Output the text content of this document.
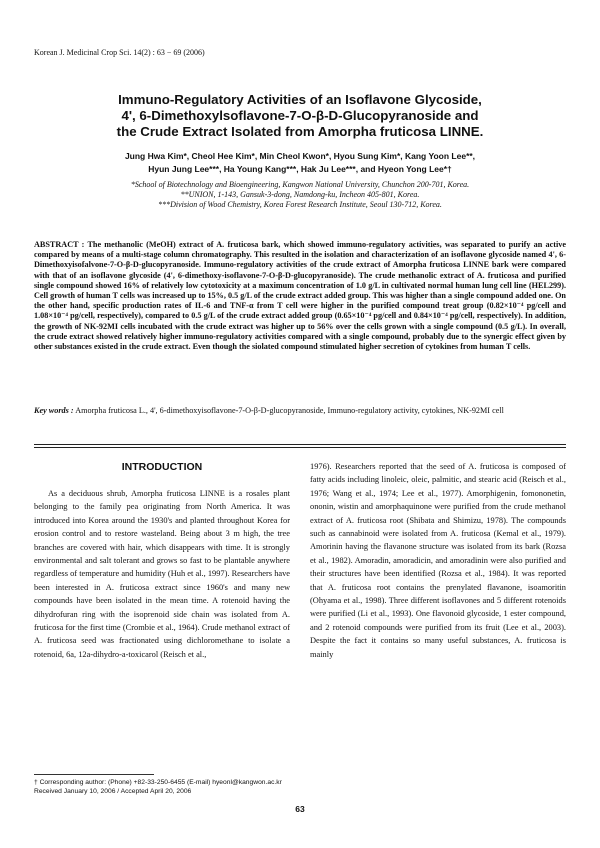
Korean J. Medicinal Crop Sci. 14(2) : 63 − 69 (2006)
Immuno-Regulatory Activities of an Isoflavone Glycoside,
4', 6-Dimethoxylsoflavone-7-O-β-D-Glucopyranoside and
the Crude Extract Isolated from Amorpha fruticosa LINNE.
Jung Hwa Kim*, Cheol Hee Kim*, Min Cheol Kwon*, Hyou Sung Kim*, Kang Yoon Lee**,
Hyun Jung Lee***, Ha Young Kang***, Hak Ju Lee***, and Hyeon Yong Lee*†
*School of Biotechnology and Bioengineering, Kangwon National University, Chunchon 200-701, Korea.
**UNION, 1-143, Gansuk-3-dong, Namdong-ku, Incheon 405-801, Korea.
***Division of Wood Chemistry, Korea Forest Research Institute, Seoul 130-712, Korea.
ABSTRACT : The methanolic (MeOH) extract of A. fruticosa bark, which showed immuno-regulatory activities, was separated to purify an active compared by means of a multi-stage column chromatography. This resulted in the isolation and characterization of an isoflavone glycoside named 4', 6-Dimethoxyisofalvone-7-O-β-D-glucopyranoside. Immuno-regulatory activities of the crude extract of Amorpha fruticosa LINNE bark were compared with that of an isoflavone glycoside (4', 6-dimethoxy-isoflavone-7-O-β-D-glucopyranoside). The crude methanolic extract of A. fruticosa and purified single compound showed 16% of relatively low cytotoxicity at a maximum concentration of 1.0 g/L in cultivated normal human lung cell line (HEL299). Cell growth of human T cells was increased up to 15%, 0.5 g/L of the crude extract added group. This was higher than a single compound added one. On the other hand, specific production rates of IL-6 and TNF-α from T cell were higher in the purified compound treat group (0.82×10⁻⁴ pg/cell and 1.08×10⁻⁴ pg/cell, respectively), compared to 0.5 g/L of the crude extract added group (0.65×10⁻⁴ pg/cell and 0.84×10⁻⁴ pg/cell, respectively). In addition, the growth of NK-92MI cells incubated with the crude extract was higher up to 56% over the cells grown with a single compound (0.5 g/L). In overall, the crude extract showed relatively higher immuno-regulatory activities compared with a single compound, probably due to the synergic effect given by other substances existed in the crude extract. Even though the siolated compound stimulated higher secretion of cytokines from human T cells.
Key words : Amorpha fruticosa L., 4', 6-dimethoxyisoflavone-7-O-β-D-glucopyranoside, Immuno-regulatory activity, cytokines, NK-92MI cell
INTRODUCTION
As a deciduous shrub, Amorpha fruticosa LINNE is a rosales plant belonging to the family pea originating from North America. It was introduced into Korea around the 1930's and planted throughout Korea for erosion control and to restore wasteland. Being about 3 m high, the tree branches are covered with hair, which disappears with time. It is strongly environmental and salt tolerant and grows so fast to be plantable anywhere regardless of temperature and humidity (Huh et al., 1997). Researchers have been interested in A. fruticosa extract since 1960's and many new compounds have been isolated in the mean time. A rotenoid having the dihydrofuran ring with the isoprenoid side chain was isolated from A. fruticosa for the first time (Crombie et al., 1964). Crude methanol extract of A. fruticosa seed was fractionated using dichloromethane to isolate a rotenoid, 6a, 12a-dihydro-a-toxicarol (Reisch et al.,
1976). Researchers reported that the seed of A. fruticosa is composed of fatty acids including linoleic, oleic, palmitic, and stearic acid (Reisch et al., 1976; Wang et al., 1974; Lee et al., 1977). Amorphigenin, fomononetin, ononin, wistin and amorphaquinone were purified from the crude methanol extract of A. fruticosa root (Shibata and Shimizu, 1978). The compounds such as cannabinoid were isolated from A. fruticosa (Kemal et al., 1979). Amorinin having the flavanone structure was isolated from its bark (Rozsa et al., 1982). Amoradin, amoradicin, and amoradinin were also purified and their structures have been identified (Rozsa et al., 1984). It was reported that A. fruticosa root contains the prenylated flavanone, isoamoritin (Ohyama et al., 1998). Three different isoflavones and 5 different rotenoids were purified (Li et al., 1993). One flavonoid glycoside, 1 ester compound, and 2 rotenoid compounds were purified from its fruit (Lee et al., 2003). Despite the fact it contains so many useful substances, A. fruticosa is mainly
† Corresponding author: (Phone) +82-33-250-6455 (E-mail) hyeonl@kangwon.ac.kr
Received January 10, 2006 / Accepted April 20, 2006
63
